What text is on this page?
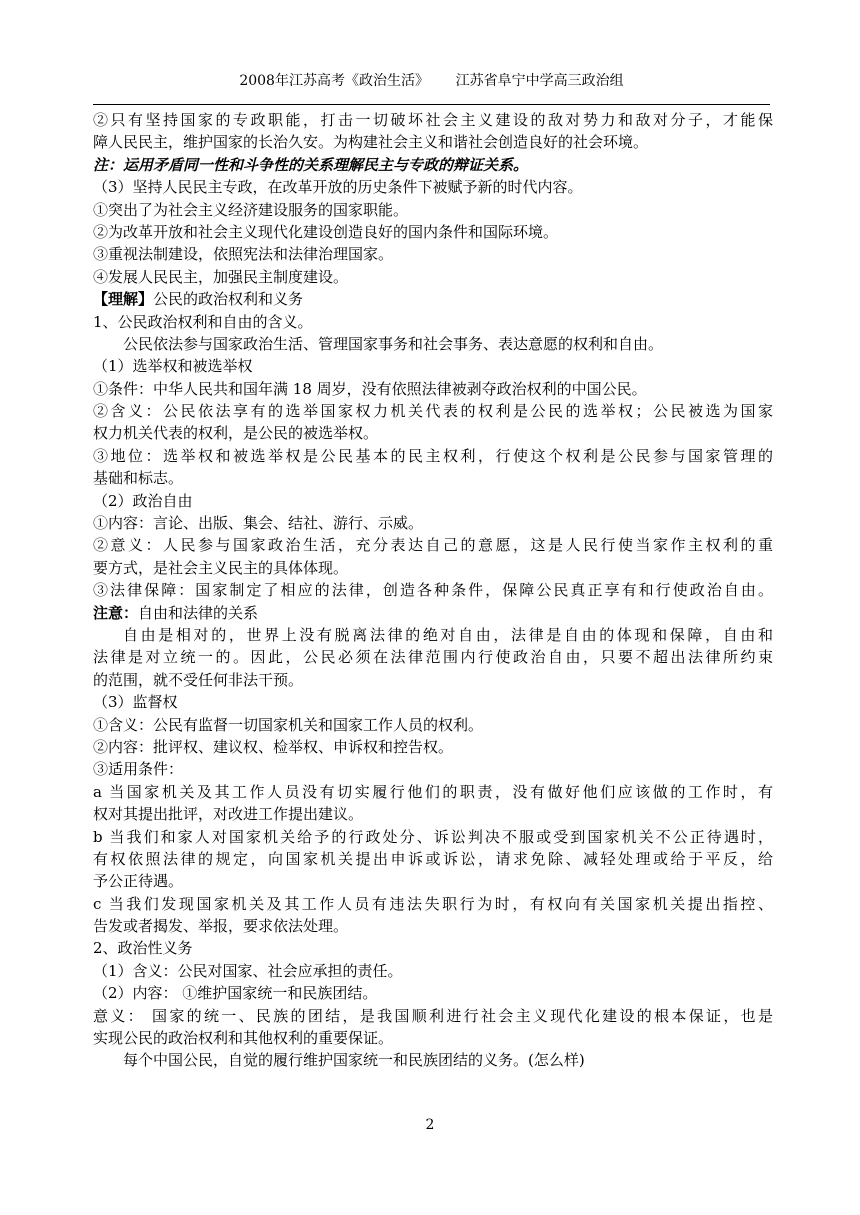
2008年江苏高考《政治生活》      江苏省阜宁中学高三政治组
②只有坚持国家的专政职能，打击一切破坏社会主义建设的敌对势力和敌对分子，才能保
障人民民主，维护国家的长治久安。为构建社会主义和谐社会创造良好的社会环境。
注：运用矛盾同一性和斗争性的关系理解民主与专政的辩证关系。
（3）坚持人民民主专政，在改革开放的历史条件下被赋予新的时代内容。
①突出了为社会主义经济建设服务的国家职能。
②为改革开放和社会主义现代化建设创造良好的国内条件和国际环境。
③重视法制建设，依照宪法和法律治理国家。
④发展人民民主，加强民主制度建设。
【理解】公民的政治权利和义务
1、公民政治权利和自由的含义。
公民依法参与国家政治生活、管理国家事务和社会事务、表达意愿的权利和自由。
（1）选举权和被选举权
①条件：中华人民共和国年满 18 周岁，没有依照法律被剥夺政治权利的中国公民。
②含义：公民依法享有的选举国家权力机关代表的权利是公民的选举权；公民被选为国家
权力机关代表的权利，是公民的被选举权。
③地位：选举权和被选举权是公民基本的民主权利，行使这个权利是公民参与国家管理的
基础和标志。
（2）政治自由
①内容：言论、出版、集会、结社、游行、示威。
②意义：人民参与国家政治生活，充分表达自己的意愿，这是人民行使当家作主权利的重
要方式，是社会主义民主的具体体现。
③法律保障：国家制定了相应的法律，创造各种条件，保障公民真正享有和行使政治自由。
注意：自由和法律的关系
自由是相对的，世界上没有脱离法律的绝对自由，法律是自由的体现和保障，自由和
法律是对立统一的。因此，公民必须在法律范围内行使政治自由，只要不超出法律所约束
的范围，就不受任何非法干预。
（3）监督权
①含义：公民有监督一切国家机关和国家工作人员的权利。
②内容：批评权、建议权、检举权、申诉权和控告权。
③适用条件：
a 当国家机关及其工作人员没有切实履行他们的职责，没有做好他们应该做的工作时，有
权对其提出批评，对改进工作提出建议。
b 当我们和家人对国家机关给予的行政处分、诉讼判决不服或受到国家机关不公正待遇时，
有权依照法律的规定，向国家机关提出申诉或诉讼，请求免除、减轻处理或给于平反，给
予公正待遇。
c 当我们发现国家机关及其工作人员有违法失职行为时，有权向有关国家机关提出指控、
告发或者揭发、举报，要求依法处理。
2、政治性义务
（1）含义：公民对国家、社会应承担的责任。
（2）内容： ①维护国家统一和民族团结。
意义： 国家的统一、民族的团结，是我国顺利进行社会主义现代化建设的根本保证，也是
实现公民的政治权利和其他权利的重要保证。
每个中国公民，自觉的履行维护国家统一和民族团结的义务。(怎么样)
2
